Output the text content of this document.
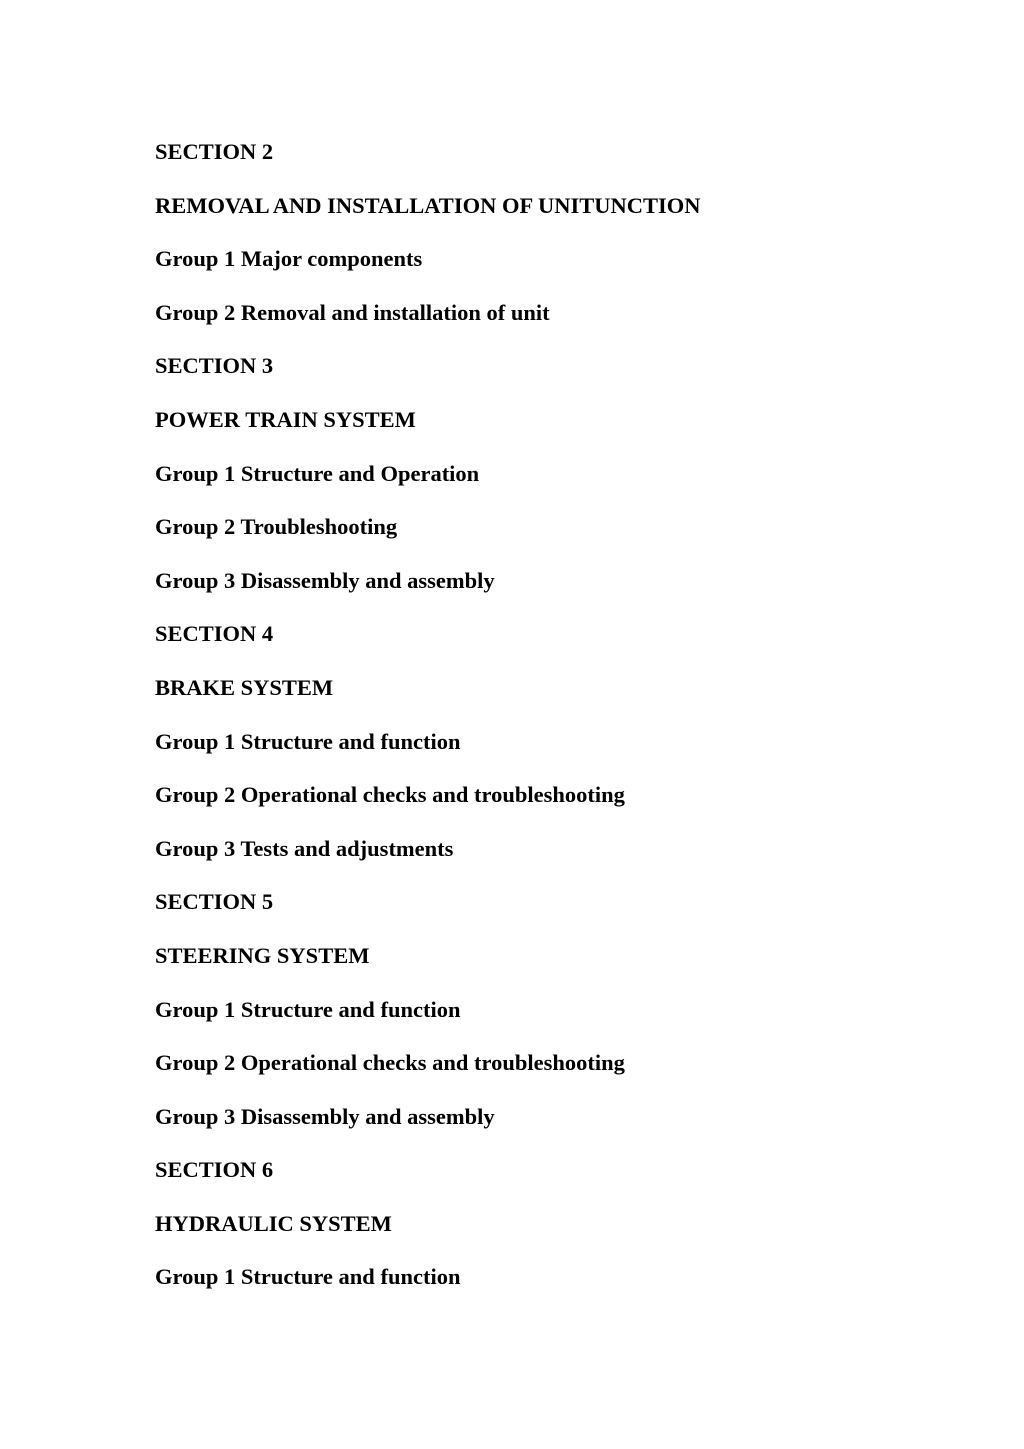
SECTION 2
REMOVAL AND INSTALLATION OF UNITUNCTION
Group 1 Major components
Group 2 Removal and installation of unit
SECTION 3
POWER TRAIN SYSTEM
Group 1 Structure and Operation
Group 2 Troubleshooting
Group 3 Disassembly and assembly
SECTION 4
BRAKE SYSTEM
Group 1 Structure and function
Group 2 Operational checks and troubleshooting
Group 3 Tests and adjustments
SECTION 5
STEERING SYSTEM
Group 1 Structure and function
Group 2 Operational checks and troubleshooting
Group 3 Disassembly and assembly
SECTION 6
HYDRAULIC SYSTEM
Group 1 Structure and function
